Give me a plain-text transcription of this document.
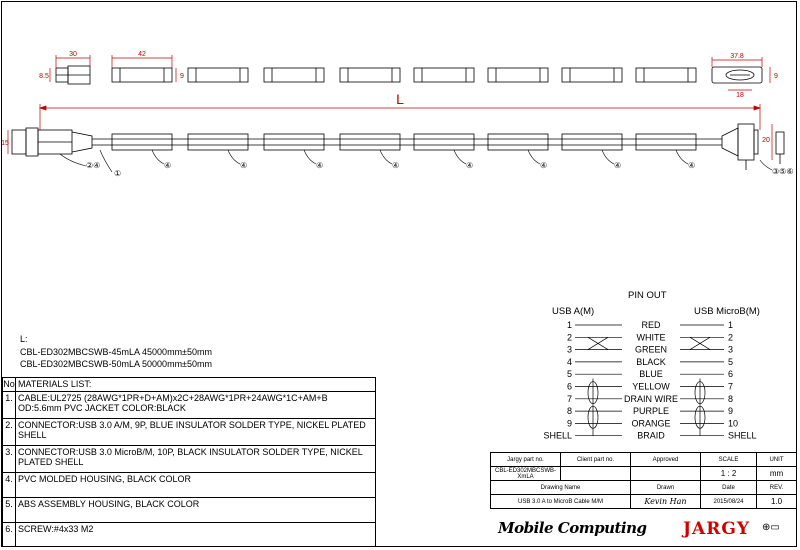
L
30
8.5
42
9
37.8
9
18
15	20
②④
①	③⑤⑥
④	④	④	④	④	④	④	④
1	RED	1
2	WHITE	2
3	GREEN	3
4	BLACK	5
5	BLUE	6
6	YELLOW	7
7	DRAIN WIRE	8
8	PURPLE	9
9	ORANGE	10
SHELL	BRAID	SHELL
PIN OUT
USB A(M)	USB MicroB(M)
L:
CBL-ED302MBCSWB-45mLA 45000mm±50mm
CBL-ED302MBCSWB-50mLA 50000mm±50mm
No	MATERIALS LIST:
1.	CABLE:UL2725 (28AWG*1PR+D+AM)x2C+28AWG*1PR+24AWG*1C+AM+B OD:5.6mm PVC JACKET COLOR:BLACK
2.	CONNECTOR:USB 3.0 A/M, 9P, BLUE INSULATOR SOLDER TYPE, NICKEL PLATED SHELL
3.	CONNECTOR:USB 3.0 MicroB/M, 10P, BLACK INSULATOR SOLDER TYPE, NICKEL PLATED SHELL
4.	PVC MOLDED HOUSING, BLACK COLOR
5.	ABS ASSEMBLY HOUSING, BLACK COLOR
6.	SCREW:#4x33 M2
Jargy part no.	Client part no.	Approved	SCALE	UNIT
CBL-ED302MBCSWB-XmLA			1 : 2	mm
Drawing Name		Drawn	Date	REV.
USB 3.0 A to MicroB Cable M/M		Kevin Han	2015/08/24	1.0
Mobile Computing JARGY ⊕▭
